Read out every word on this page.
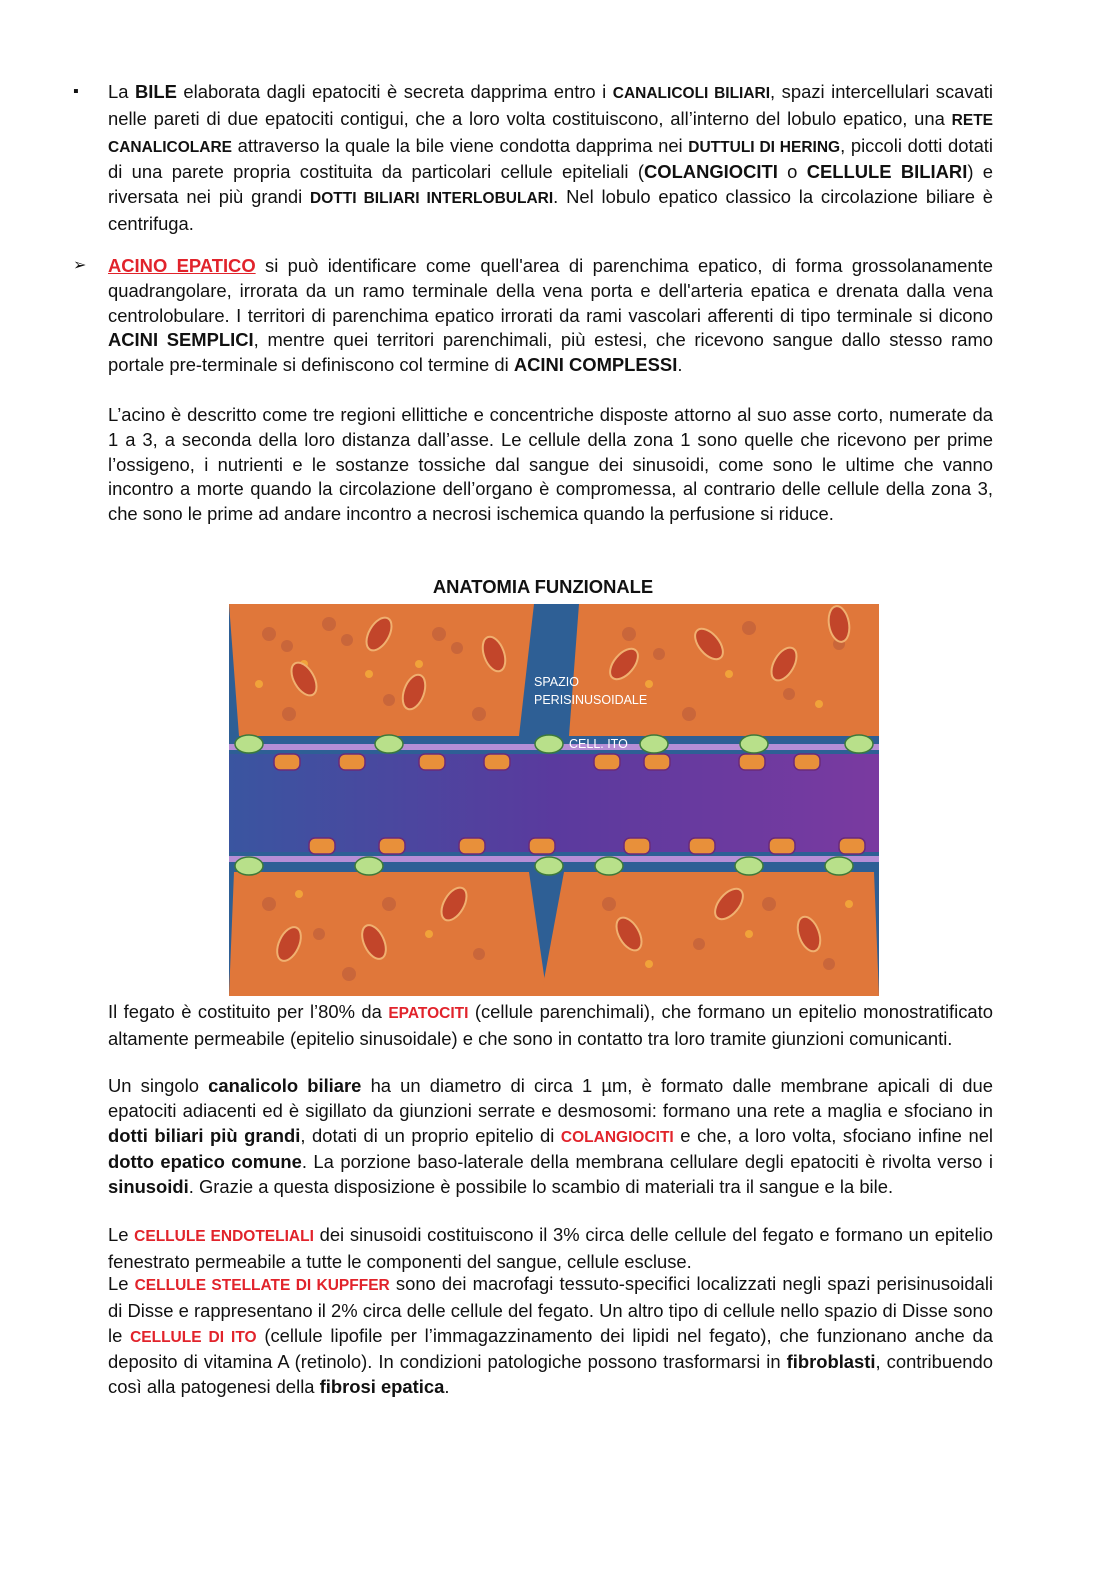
▪ La BILE elaborata dagli epatociti è secreta dapprima entro i CANALICOLI BILIARI, spazi intercellulari scavati nelle pareti di due epatociti contigui, che a loro volta costituiscono, all’interno del lobulo epatico, una RETE CANALICOLARE attraverso la quale la bile viene condotta dapprima nei DUTTULI DI HERING, piccoli dotti dotati di una parete propria costituita da particolari cellule epiteliali (COLANGIOCITI o CELLULE BILIARI) e riversata nei più grandi DOTTI BILIARI INTERLOBULARI. Nel lobulo epatico classico la circolazione biliare è centrifuga.

➢ ACINO EPATICO si può identificare come quell'area di parenchima epatico, di forma grossolanamente quadrangolare, irrorata da un ramo terminale della vena porta e dell'arteria epatica e drenata dalla vena centrolobulare. I territori di parenchima epatico irrorati da rami vascolari afferenti di tipo terminale si dicono ACINI SEMPLICI, mentre quei territori parenchimali, più estesi, che ricevono sangue dallo stesso ramo portale pre-terminale si definiscono col termine di ACINI COMPLESSI.

L’acino è descritto come tre regioni ellittiche e concentriche disposte attorno al suo asse corto, numerate da 1 a 3, a seconda della loro distanza dall’asse. Le cellule della zona 1 sono quelle che ricevono per prime l’ossigeno, i nutrienti e le sostanze tossiche dal sangue dei sinusoidi, come sono le ultime che vanno incontro a morte quando la circolazione dell’organo è compromessa, al contrario delle cellule della zona 3, che sono le prime ad andare incontro a necrosi ischemica quando la perfusione si riduce.

ANATOMIA FUNZIONALE
SPAZIO
PERISINUSOIDALE
CELL. ITO

Il fegato è costituito per l’80% da EPATOCITI (cellule parenchimali), che formano un epitelio monostratificato altamente permeabile (epitelio sinusoidale) e che sono in contatto tra loro tramite giunzioni comunicanti.

Un singolo canalicolo biliare ha un diametro di circa 1 µm, è formato dalle membrane apicali di due epatociti adiacenti ed è sigillato da giunzioni serrate e desmosomi: formano una rete a maglia e sfociano in dotti biliari più grandi, dotati di un proprio epitelio di COLANGIOCITI e che, a loro volta, sfociano infine nel dotto epatico comune. La porzione baso-laterale della membrana cellulare degli epatociti è rivolta verso i sinusoidi. Grazie a questa disposizione è possibile lo scambio di materiali tra il sangue e la bile.

Le CELLULE ENDOTELIALI dei sinusoidi costituiscono il 3% circa delle cellule del fegato e formano un epitelio fenestrato permeabile a tutte le componenti del sangue, cellule escluse.

Le CELLULE STELLATE DI KUPFFER sono dei macrofagi tessuto-specifici localizzati negli spazi perisinusoidali di Disse e rappresentano il 2% circa delle cellule del fegato. Un altro tipo di cellule nello spazio di Disse sono le CELLULE DI ITO (cellule lipofile per l’immagazzinamento dei lipidi nel fegato), che funzionano anche da deposito di vitamina A (retinolo). In condizioni patologiche possono trasformarsi in fibroblasti, contribuendo così alla patogenesi della fibrosi epatica.
